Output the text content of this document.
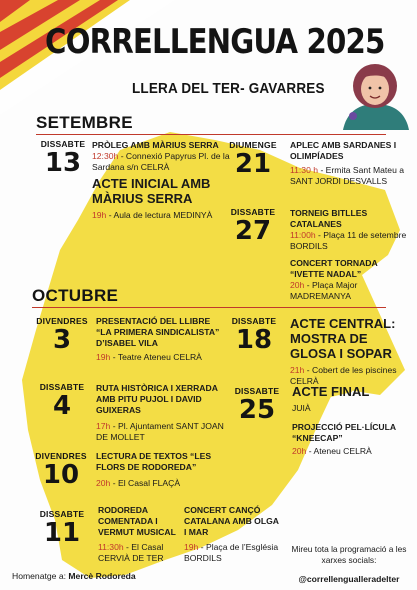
CORRELLENGUA 2025
LLERA DEL TER- GAVARRES
SETEMBRE
DISSABTE
13
PRÒLEG AMB MÀRIUS SERRA
12:30h - Connexió Papyrus Pl. de la Sardana s/n CELRÀ
ACTE INICIAL AMB MÀRIUS SERRA
19h - Aula de lectura MEDINYÀ
DIUMENGE
21
APLEC AMB SARDANES I OLIMPÍADES
11:30 h - Ermita Sant Mateu a SANT JORDI DESVALLS
DISSABTE
27
TORNEIG BITLLES CATALANES
11:00h - Plaça 11 de setembre BORDILS
CONCERT TORNADA “IVETTE NADAL”
20h - Plaça Major MADREMANYA
OCTUBRE
DIVENDRES
3
PRESENTACIÓ DEL LLIBRE “LA PRIMERA SINDICALISTA” D’ISABEL VILA
19h - Teatre Ateneu CELRÀ
DISSABTE
4
RUTA HISTÒRICA I XERRADA AMB PITU PUJOL I DAVID GUIXERAS
17h - Pl. Ajuntament SANT JOAN DE MOLLET
DIVENDRES
10
LECTURA DE TEXTOS “LES FLORS DE RODOREDA”
20h - El Casal FLAÇÀ
DISSABTE
11
RODOREDA COMENTADA I VERMUT MUSICAL
11:30h - El Casal CERVIÀ DE TER
CONCERT CANÇÓ CATALANA AMB OLGA I MAR
19h - Plaça de l’Església BORDILS
DISSABTE
18
ACTE CENTRAL: MOSTRA DE GLOSA I SOPAR
21h - Cobert de les piscines CELRÀ
DISSABTE
25
ACTE FINAL
JUIÀ
PROJECCIÓ PEL·LÍCULA “KNEECAP”
20h - Ateneu CELRÀ
Homenatge a: Mercè Rodoreda
Mireu tota la programació a les xarxes socials:
@correllengualleradelter
